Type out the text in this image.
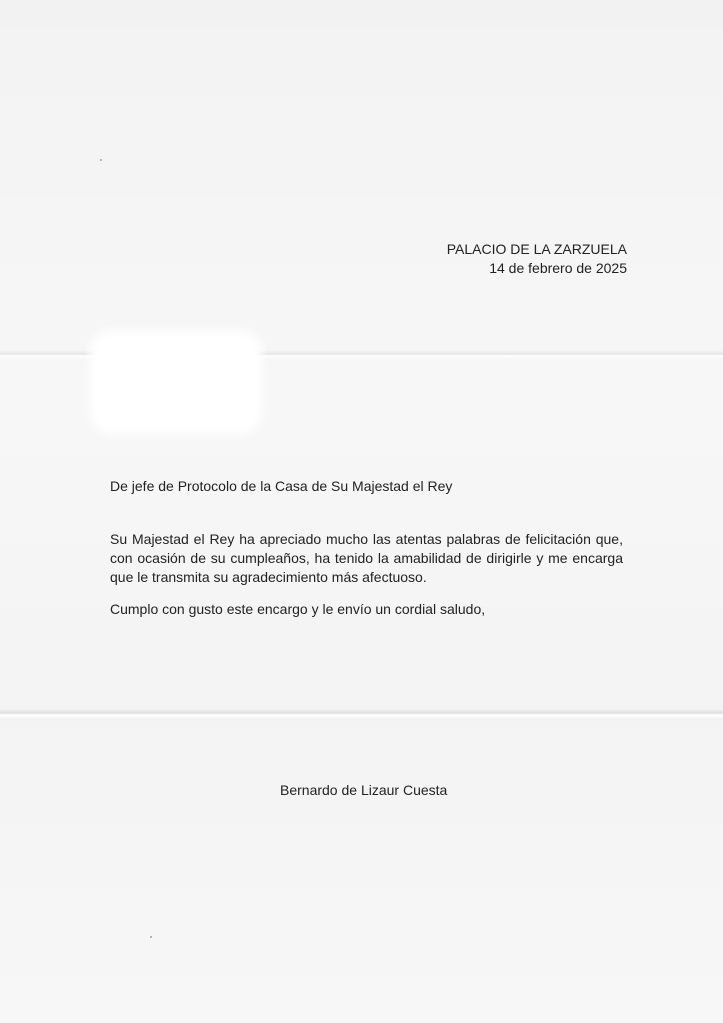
PALACIO DE LA ZARZUELA
14 de febrero de 2025
De jefe de Protocolo de la Casa de Su Majestad el Rey

Su Majestad el Rey ha apreciado mucho las atentas palabras de felicitación que, con ocasión de su cumpleaños, ha tenido la amabilidad de dirigirle y me encarga que le transmita su agradecimiento más afectuoso.

Cumplo con gusto este encargo y le envío un cordial saludo,

Bernardo de Lizaur Cuesta
